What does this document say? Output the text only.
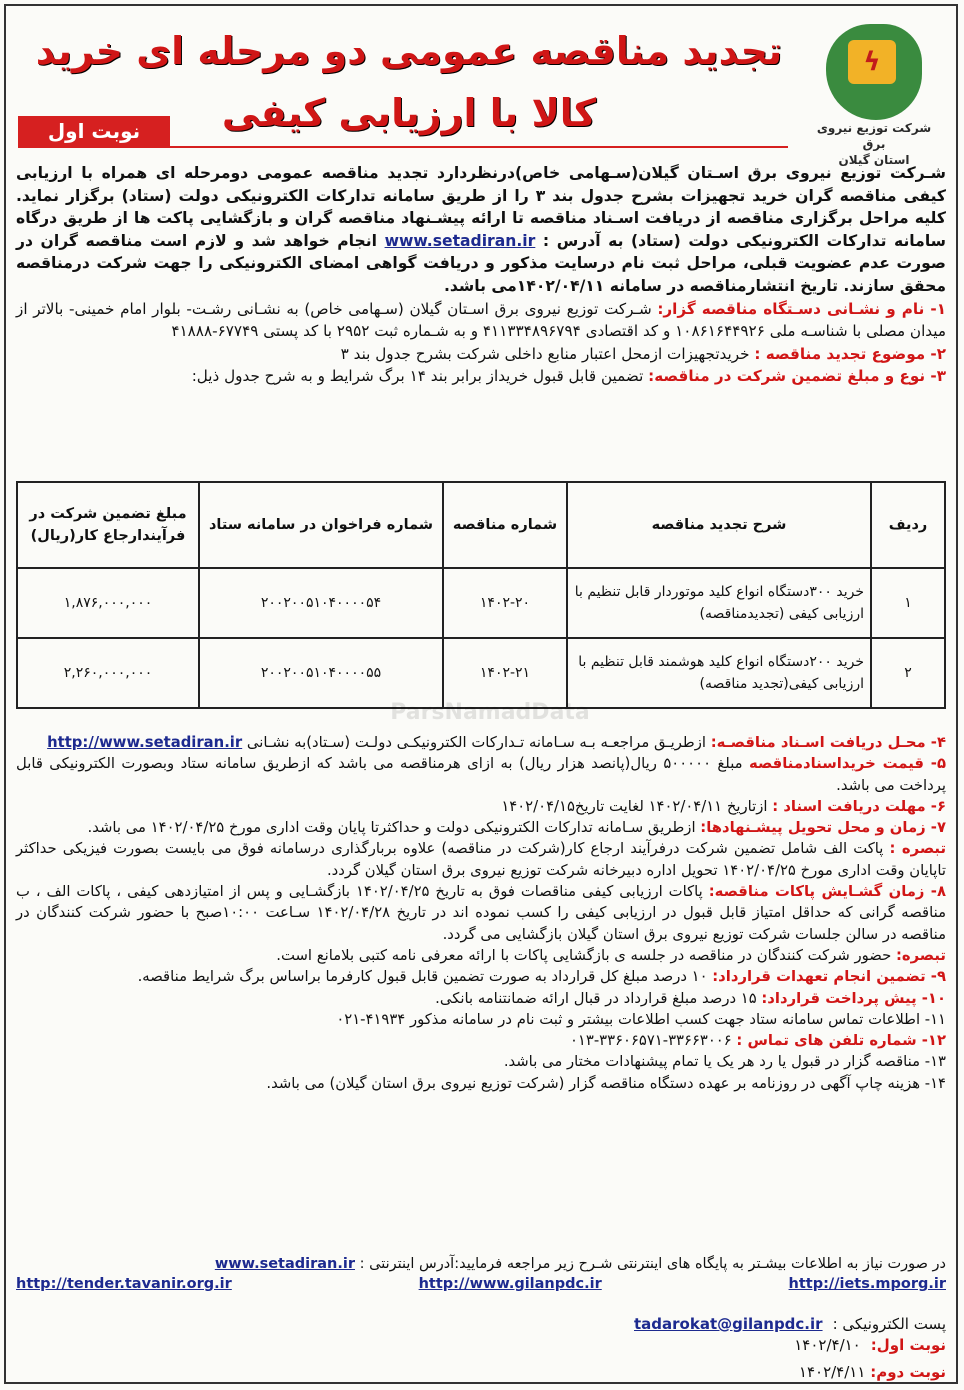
ϟ
شرکت توزیع نیروی برق
استان گیلان
تجدید مناقصه عمومی دو مرحله ای خرید کالا با ارزیابی کیفی
نوبت اول

شـرکت توزیع نیروی برق اسـتان گیلان(سـهامی خاص)درنظردارد تجدید مناقصه عمومی دومرحله ای همراه با ارزیابی کیفی مناقصه گران خرید تجهیزات بشرح جدول بند ۳ را از طریق سامانه تدارکات الکترونیکی دولت (ستاد) برگزار نماید. کلیه مراحل برگزاری مناقصه از دریافت اسـناد مناقصه تا ارائه پیشـنهاد مناقصه گران و بازگشایی پاکت ها از طریق درگاه سامانه تدارکات الکترونیکی دولت (ستاد) به آدرس : www.setadiran.ir انجام خواهد شد و لازم است مناقصه گران در صورت عدم عضویت قبلی، مراحل ثبت نام درسایت مذکور و دریافت گواهی امضای الکترونیکی را جهت شرکت درمناقصه محقق سازند. تاریخ انتشارمناقصه در سامانه ۱۴۰۲/۰۴/۱۱می باشد.

۱- نام و نشـانی دسـتگاه مناقصه گزار: شـرکت توزیع نیروی برق اسـتان گیلان (سـهامی خاص) به نشـانی رشـت- بلوار امام خمینی- بالاتر از میدان مصلی با شناسـه ملی ۱۰۸۶۱۶۴۴۹۲۶ و کد اقتصادی ۴۱۱۳۳۴۸۹۶۷۹۴ و به شـماره ثبت ۲۹۵۲ با کد پستی ۶۷۷۴۹-۴۱۸۸۸

۲- موضوع تجدید مناقصه : خریدتجهیزات ازمحل اعتبار منابع داخلی شرکت بشرح جدول بند ۳

۳- نوع و مبلغ تضمین شرکت در مناقصه: تضمین قابل قبول خریداز برابر بند ۱۴ برگ شرایط و به شرح جدول ذیل:

ردیف	شرح تجدید مناقصه	شماره مناقصه	شماره فراخوان در سامانه ستاد	مبلغ تضمین شرکت در فرآیندارجاع کار(ریال)
۱	خرید ۳۰۰دستگاه انواع کلید موتوردار قابل تنظیم با ارزیابی کیفی (تجدیدمناقصه)	۱۴۰۲-۲۰	۲۰۰۲۰۰۵۱۰۴۰۰۰۰۵۴	۱,۸۷۶,۰۰۰,۰۰۰
۲	خرید ۲۰۰دستگاه انواع کلید هوشمند قابل تنظیم با ارزیابی کیفی(تجدید مناقصه)	۱۴۰۲-۲۱	۲۰۰۲۰۰۵۱۰۴۰۰۰۰۵۵	۲,۲۶۰,۰۰۰,۰۰۰
ParsNamadData

۴- محـل دریافت اسـناد مناقصـه: ازطریـق مراجعـه بـه سـامانه تـدارکات الکترونیکـی دولـت (سـتاد)به نشـانی http://www.setadiran.ir

۵- قیمت خریداسنادمناقصه مبلغ ۵۰۰۰۰۰ ریال(پانصد هزار ریال) به ازای هرمناقصه می باشد که ازطریق سامانه ستاد وبصورت الکترونیکی قابل پرداخت می باشد.

۶- مهلت دریافت اسناد : ازتاریخ ۱۴۰۲/۰۴/۱۱ لغایت تاریخ۱۴۰۲/۰۴/۱۵

۷- زمان و محل تحویل پیشـنهادها: ازطریق سـامانه تدارکات الکترونیکی دولت و حداکثرتا پایان وقت اداری مورخ ۱۴۰۲/۰۴/۲۵ می باشد.

تبصره : پاکت الف شامل تضمین شرکت درفرآیند ارجاع کار(شرکت در مناقصه) علاوه بربارگذاری درسامانه فوق می بایست بصورت فیزیکی حداکثر تاپایان وقت اداری مورخ ۱۴۰۲/۰۴/۲۵ تحویل اداره دبیرخانه شرکت توزیع نیروی برق استان گیلان گردد.

۸- زمان گشـایش پاکات مناقصه: پاکات ارزیابی کیفی مناقصات فوق به تاریخ ۱۴۰۲/۰۴/۲۵ بازگشـایی و پس از امتیازدهی کیفی ، پاکات الف ، ب مناقصه گرانی که حداقل امتیاز قابل قبول در ارزیابی کیفی را کسب نموده اند در تاریخ ۱۴۰۲/۰۴/۲۸ سـاعت ۱۰:۰۰صبح با حضور شرکت کنندگان در مناقصه در سالن جلسات شرکت توزیع نیروی برق استان گیلان بازگشایی می گردد.

تبصره: حضور شرکت کنندگان در مناقصه در جلسه ی بازگشایی پاکات با ارائه معرفی نامه کتبی بلامانع است.

۹- تضمین انجام تعهدات قرارداد: ۱۰ درصد مبلغ کل قرارداد به صورت تضمین قابل قبول کارفرما براساس برگ شرایط مناقصه.

۱۰- پیش پرداخت قرارداد: ۱۵ درصد مبلغ قرارداد در قبال ارائه ضمانتنامه بانکی.

۱۱- اطلاعات تماس سامانه ستاد جهت کسب اطلاعات بیشتر و ثبت نام در سامانه مذکور ۴۱۹۳۴-۰۲۱

۱۲- شماره تلفن های تماس : ۳۳۶۶۳۰۰۶-۳۳۶۰۶۵۷۱-۰۱۳

۱۳- مناقصه گزار در قبول یا رد هر یک یا تمام پیشنهادات مختار می باشد.

۱۴- هزینه چاپ آگهی در روزنامه بر عهده دستگاه مناقصه گزار (شرکت توزیع نیروی برق استان گیلان) می باشد.

در صورت نیاز به اطلاعات بیشـتر به پایگاه های اینترنتی شـرح زیر مراجعه فرمایید:آدرس اینترنتی : www.setadiran.ir

http://tender.tavanir.org.ir	http://www.gilanpdc.ir	http://iets.mporg.ir
پست الکترونیکی :
tadarokat@gilanpdc.ir
نوبت اول:
۱۴۰۲/۴/۱۰
نوبت دوم: ۱۴۰۲/۴/۱۱
